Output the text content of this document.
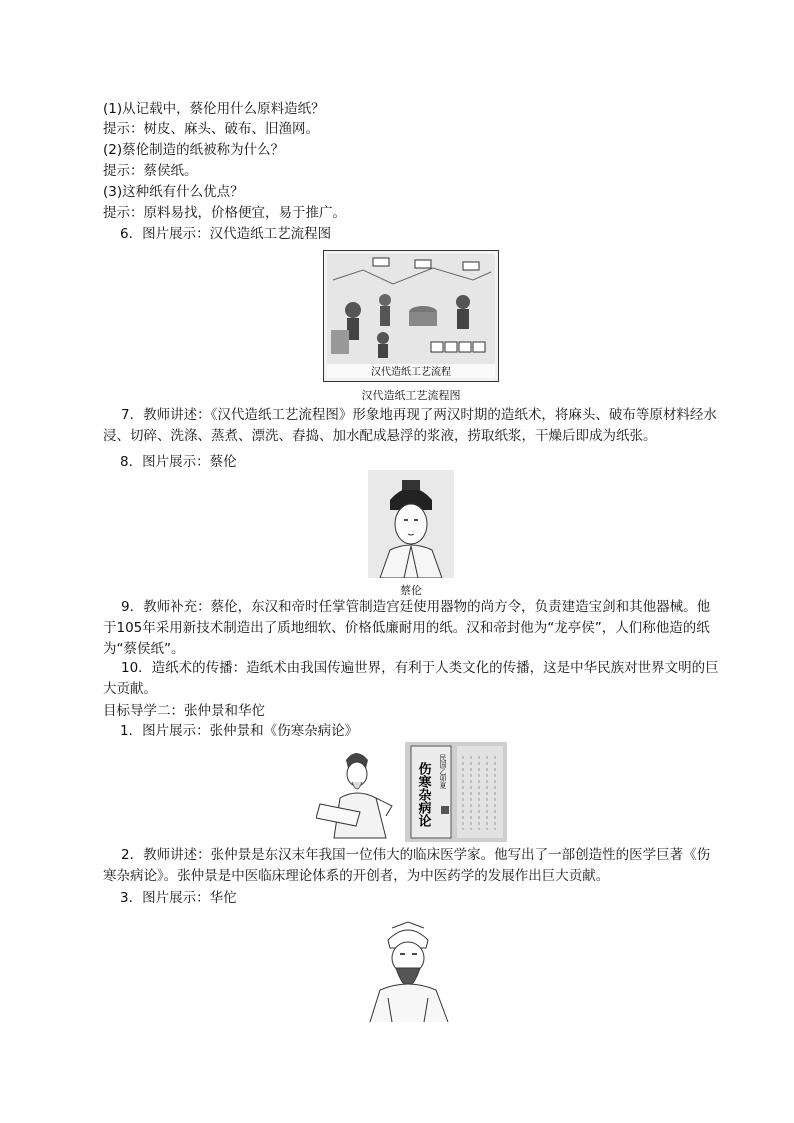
(1)从记载中，蔡伦用什么原料造纸？
提示：树皮、麻头、破布、旧渔网。
(2)蔡伦制造的纸被称为什么？
提示：蔡侯纸。
(3)这种纸有什么优点？
提示：原料易找，价格便宜，易于推广。
6．图片展示：汉代造纸工艺流程图
汉代造纸工艺流程
汉代造纸工艺流程图
7．教师讲述：《汉代造纸工艺流程图》形象地再现了两汉时期的造纸术，将麻头、破布等原材料经水浸、切碎、洗涤、蒸煮、漂洗、舂捣、加水配成悬浮的浆液，捞取纸浆，干燥后即成为纸张。
8．图片展示：蔡伦
蔡伦
9．教师补充：蔡伦，东汉和帝时任掌管制造宫廷使用器物的尚方令，负责建造宝剑和其他器械。他于105年采用新技术制造出了质地细软、价格低廉耐用的纸。汉和帝封他为“龙亭侯”，人们称他造的纸为“蔡侯纸”。
10．造纸术的传播：造纸术由我国传遍世界，有利于人类文化的传播，这是中华民族对世界文明的巨大贡献。
目标导学二：张仲景和华佗
1．图片展示：张仲景和《伤寒杂病论》
伤寒杂病论 民国乙卯夏
2．教师讲述：张仲景是东汉末年我国一位伟大的临床医学家。他写出了一部创造性的医学巨著《伤寒杂病论》。张仲景是中医临床理论体系的开创者，为中医药学的发展作出巨大贡献。
3．图片展示：华佗
